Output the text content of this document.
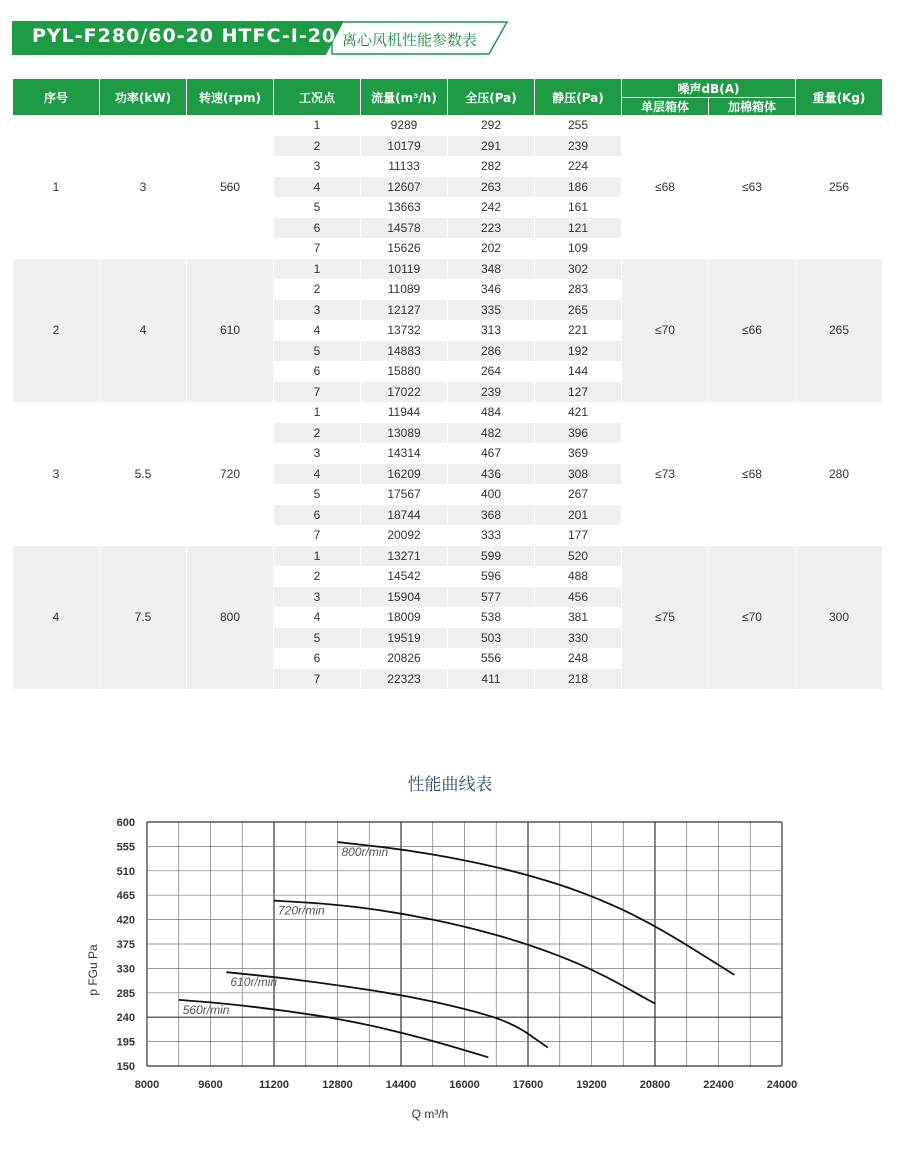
PYL-F280/60-20 HTFC-I-20 离心风机性能参数表
序号	功率(kW)	转速(rpm)	工况点	流量(m³/h)	全压(Pa)	静压(Pa)	噪声dB(A)		重量(Kg)
							单层箱体	加棉箱体	
1	3	560	1	9289	292	255	≤68	≤63	256
			2	10179	291	239			
			3	11133	282	224			
			4	12607	263	186			
			5	13663	242	161			
			6	14578	223	121			
			7	15626	202	109			
2	4	610	1	10119	348	302	≤70	≤66	265
			2	11089	346	283			
			3	12127	335	265			
			4	13732	313	221			
			5	14883	286	192			
			6	15880	264	144			
			7	17022	239	127			
3	5.5	720	1	11944	484	421	≤73	≤68	280
			2	13089	482	396			
			3	14314	467	369			
			4	16209	436	308			
			5	17567	400	267			
			6	18744	368	201			
			7	20092	333	177			
4	7.5	800	1	13271	599	520	≤75	≤70	300
			2	14542	596	488			
			3	15904	577	456			
			4	18009	538	381			
			5	19519	503	330			
			6	20826	556	248			
			7	22323	411	218			
性能曲线表
8000	9600	11200	12800	14400	16000	17600	19200	20800	22400	24000
600
555
510
465
420
375
330
285
240
195
150
560r/min
610r/min
720r/min
800r/min
Q m³/h
p FGu Pa
